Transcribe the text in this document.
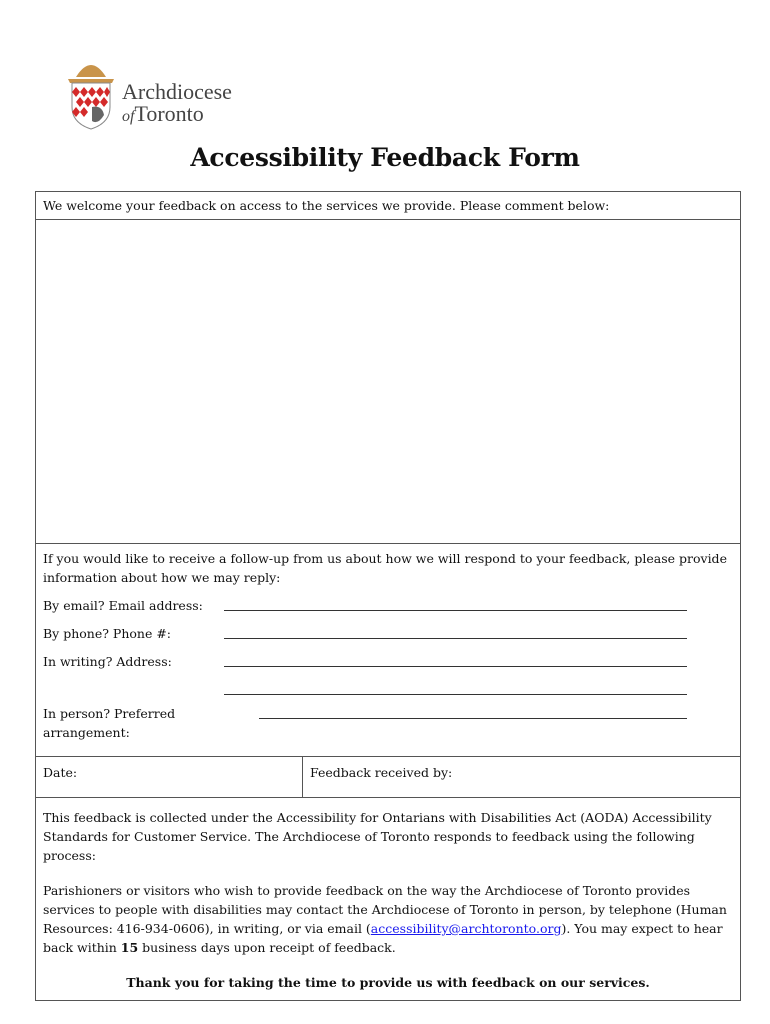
Archdiocese
ofToronto
Accessibility Feedback Form
We welcome your feedback on access to the services we provide. Please comment below:
If you would like to receive a follow-up from us about how we will respond to your feedback, please provide information about how we may reply:
By email? Email address:
By phone? Phone #:
In writing? Address:
In person? Preferred arrangement:
Date:	Feedback received by:

This feedback is collected under the Accessibility for Ontarians with Disabilities Act (AODA) Accessibility Standards for Customer Service. The Archdiocese of Toronto responds to feedback using the following process:

Parishioners or visitors who wish to provide feedback on the way the Archdiocese of Toronto provides services to people with disabilities may contact the Archdiocese of Toronto in person, by telephone (Human Resources: 416-934-0606), in writing, or via email (accessibility@archtoronto.org). You may expect to hear back within 15 business days upon receipt of feedback.

Thank you for taking the time to provide us with feedback on our services.
